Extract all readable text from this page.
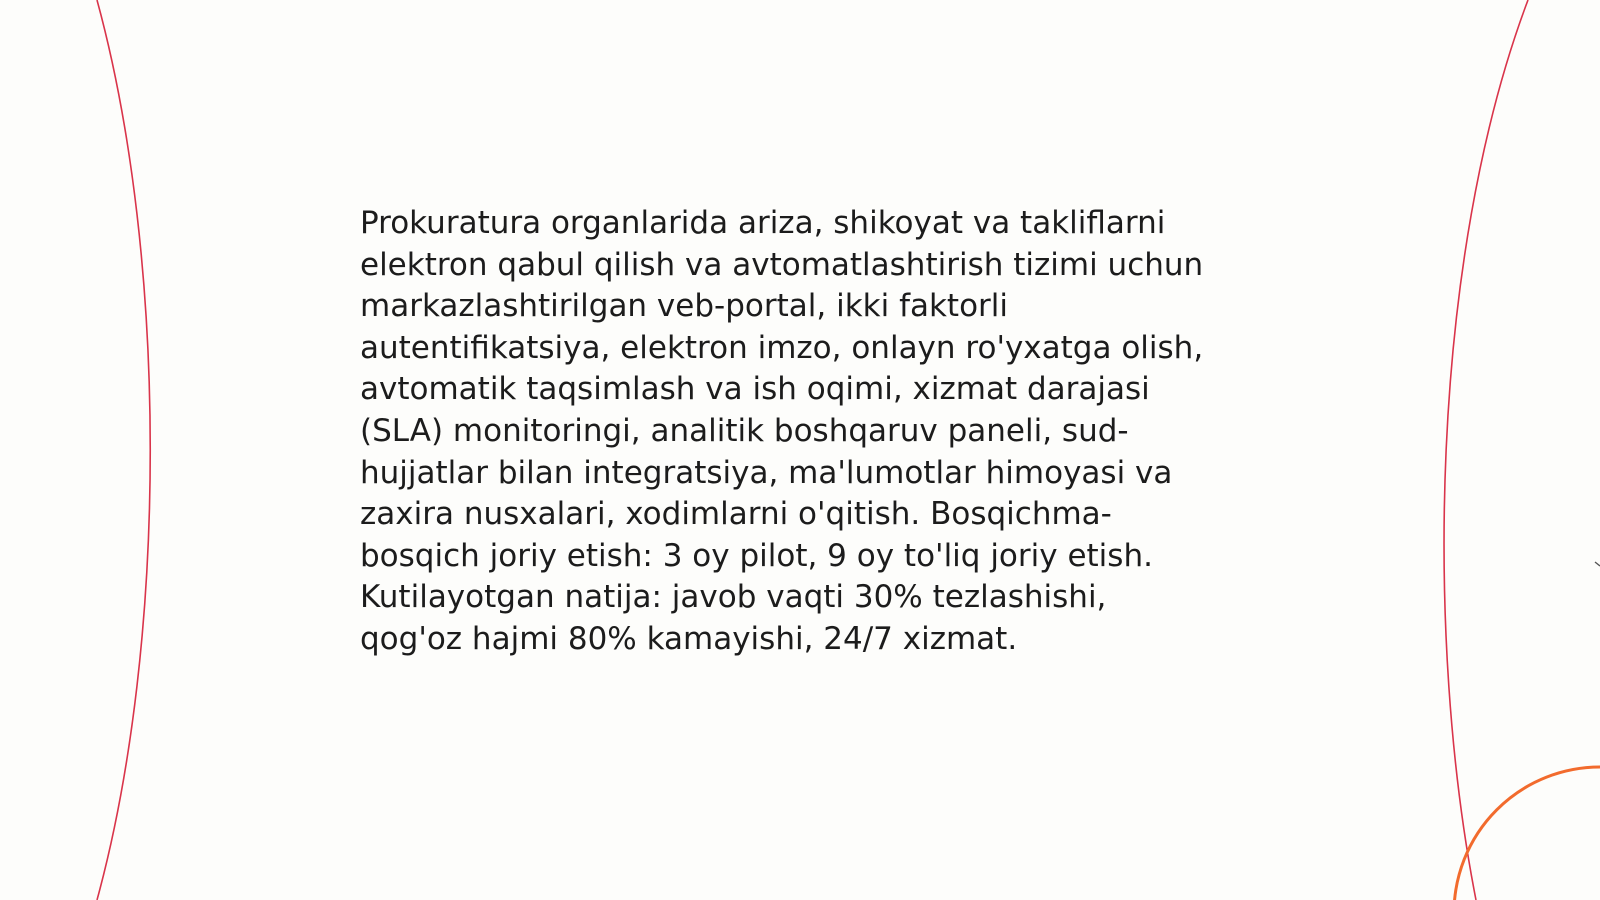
Prokuratura organlarida ariza, shikoyat va takliflarni
elektron qabul qilish va avtomatlashtirish tizimi uchun
markazlashtirilgan veb-portal, ikki faktorli
autentifikatsiya, elektron imzo, onlayn ro'yxatga olish,
avtomatik taqsimlash va ish oqimi, xizmat darajasi
(SLA) monitoringi, analitik boshqaruv paneli, sud-
hujjatlar bilan integratsiya, ma'lumotlar himoyasi va
zaxira nusxalari, xodimlarni o'qitish. Bosqichma-
bosqich joriy etish: 3 oy pilot, 9 oy to'liq joriy etish.
Kutilayotgan natija: javob vaqti 30% tezlashishi,
qog'oz hajmi 80% kamayishi, 24/7 xizmat.
